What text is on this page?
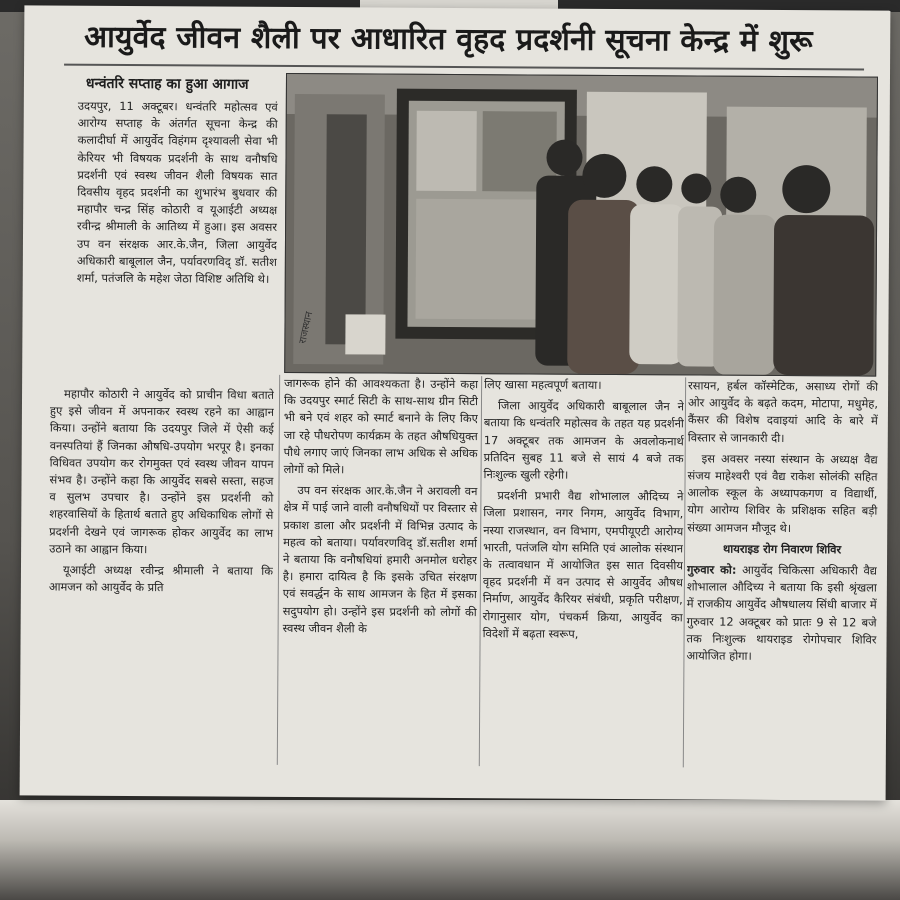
आयुर्वेद जीवन शैली पर आधारित वृहद प्रदर्शनी सूचना केन्द्र में शुरू
धन्वंतरि सप्ताह का हुआ आगाज

उदयपुर, 11 अक्टूबर। धन्वंतरि महोत्सव एवं आरोग्य सप्ताह के अंतर्गत सूचना केन्द्र की कलादीर्घा में आयुर्वेद विहंगम दृश्यावली सेवा भी केरियर भी विषयक प्रदर्शनी के साथ वनौषधि प्रदर्शनी एवं स्वस्थ जीवन शैली विषयक सात दिवसीय वृहद प्रदर्शनी का शुभारंभ बुधवार की महापौर चन्द्र सिंह कोठारी व यूआईटी अध्यक्ष रवीन्द्र श्रीमाली के आतिथ्य में हुआ। इस अवसर उप वन संरक्षक आर.के.जैन, जिला आयुर्वेद अधिकारी बाबूलाल जैन, पर्यावरणविद् डॉ. सतीश शर्मा, पतंजलि के महेश जेठा विशिष्ट अतिथि थे।

राजस्थान

महापौर कोठारी ने आयुर्वेद को प्राचीन विधा बताते हुए इसे जीवन में अपनाकर स्वस्थ रहने का आह्वान किया। उन्होंने बताया कि उदयपुर जिले में ऐसी कई वनस्पतियां हैं जिनका औषधि-उपयोग भरपूर है। इनका विधिवत उपयोग कर रोगमुक्त एवं स्वस्थ जीवन यापन संभव है। उन्होंने कहा कि आयुर्वेद सबसे सस्ता, सहज व सुलभ उपचार है। उन्होंने इस प्रदर्शनी को शहरवासियों के हितार्थ बताते हुए अधिकाधिक लोगों से प्रदर्शनी देखने एवं जागरूक होकर आयुर्वेद का लाभ उठाने का आह्वान किया।

यूआईटी अध्यक्ष रवीन्द्र श्रीमाली ने बताया कि आमजन को आयुर्वेद के प्रति

जागरूक होने की आवश्यकता है। उन्होंने कहा कि उदयपुर स्मार्ट सिटी के साथ-साथ ग्रीन सिटी भी बने एवं शहर को स्मार्ट बनाने के लिए किए जा रहे पौधरोपण कार्यक्रम के तहत औषधियुक्त पौधे लगाए जाएं जिनका लाभ अधिक से अधिक लोगों को मिले।

उप वन संरक्षक आर.के.जैन ने अरावली वन क्षेत्र में पाई जाने वाली वनौषधियों पर विस्तार से प्रकाश डाला और प्रदर्शनी में विभिन्न उत्पाद के महत्व को बताया। पर्यावरणविद् डॉ.सतीश शर्मा ने बताया कि वनौषधियां हमारी अनमोल धरोहर है। हमारा दायित्व है कि इसके उचित संरक्षण एवं सवर्द्धन के साथ आमजन के हित में इसका सदुपयोग हो। उन्होंने इस प्रदर्शनी को लोगों की स्वस्थ जीवन शैली के

लिए खासा महत्वपूर्ण बताया।

जिला आयुर्वेद अधिकारी बाबूलाल जैन ने बताया कि धन्वंतरि महोत्सव के तहत यह प्रदर्शनी 17 अक्टूबर तक आमजन के अवलोकनार्थ प्रतिदिन सुबह 11 बजे से सायं 4 बजे तक निःशुल्क खुली रहेगी।

प्रदर्शनी प्रभारी वैद्य शोभालाल औदिच्य ने जिला प्रशासन, नगर निगम, आयुर्वेद विभाग, नस्या राजस्थान, वन विभाग, एमपीयूएटी आरोग्य भारती, पतंजलि योग समिति एवं आलोक संस्थान के तत्वावधान में आयोजित इस सात दिवसीय वृहद प्रदर्शनी में वन उत्पाद से आयुर्वेद औषध निर्माण, आयुर्वेद कैरियर संबंधी, प्रकृति परीक्षण, रोगानुसार योग, पंचकर्म क्रिया, आयुर्वेद का विदेशों में बढ़ता स्वरूप,

रसायन, हर्बल कॉस्मेटिक, असाध्य रोगों की ओर आयुर्वेद के बढ़ते कदम, मोटापा, मधुमेह, कैंसर की विशेष दवाइयां आदि के बारे में विस्तार से जानकारी दी।

इस अवसर नस्या संस्थान के अध्यक्ष वैद्य संजय माहेश्वरी एवं वैद्य राकेश सोलंकी सहित आलोक स्कूल के अध्यापकगण व विद्यार्थी, योग आरोग्य शिविर के प्रशिक्षक सहित बड़ी संख्या आमजन मौजूद थे।

थायराइड रोग निवारण शिविर

गुरुवार को: आयुर्वेद चिकित्सा अधिकारी वैद्य शोभालाल औदिच्य ने बताया कि इसी श्रृंखला में राजकीय आयुर्वेद औषधालय सिंधी बाजार में गुरुवार 12 अक्टूबर को प्रातः 9 से 12 बजे तक निःशुल्क थायराइड रोगोपचार शिविर आयोजित होगा।
